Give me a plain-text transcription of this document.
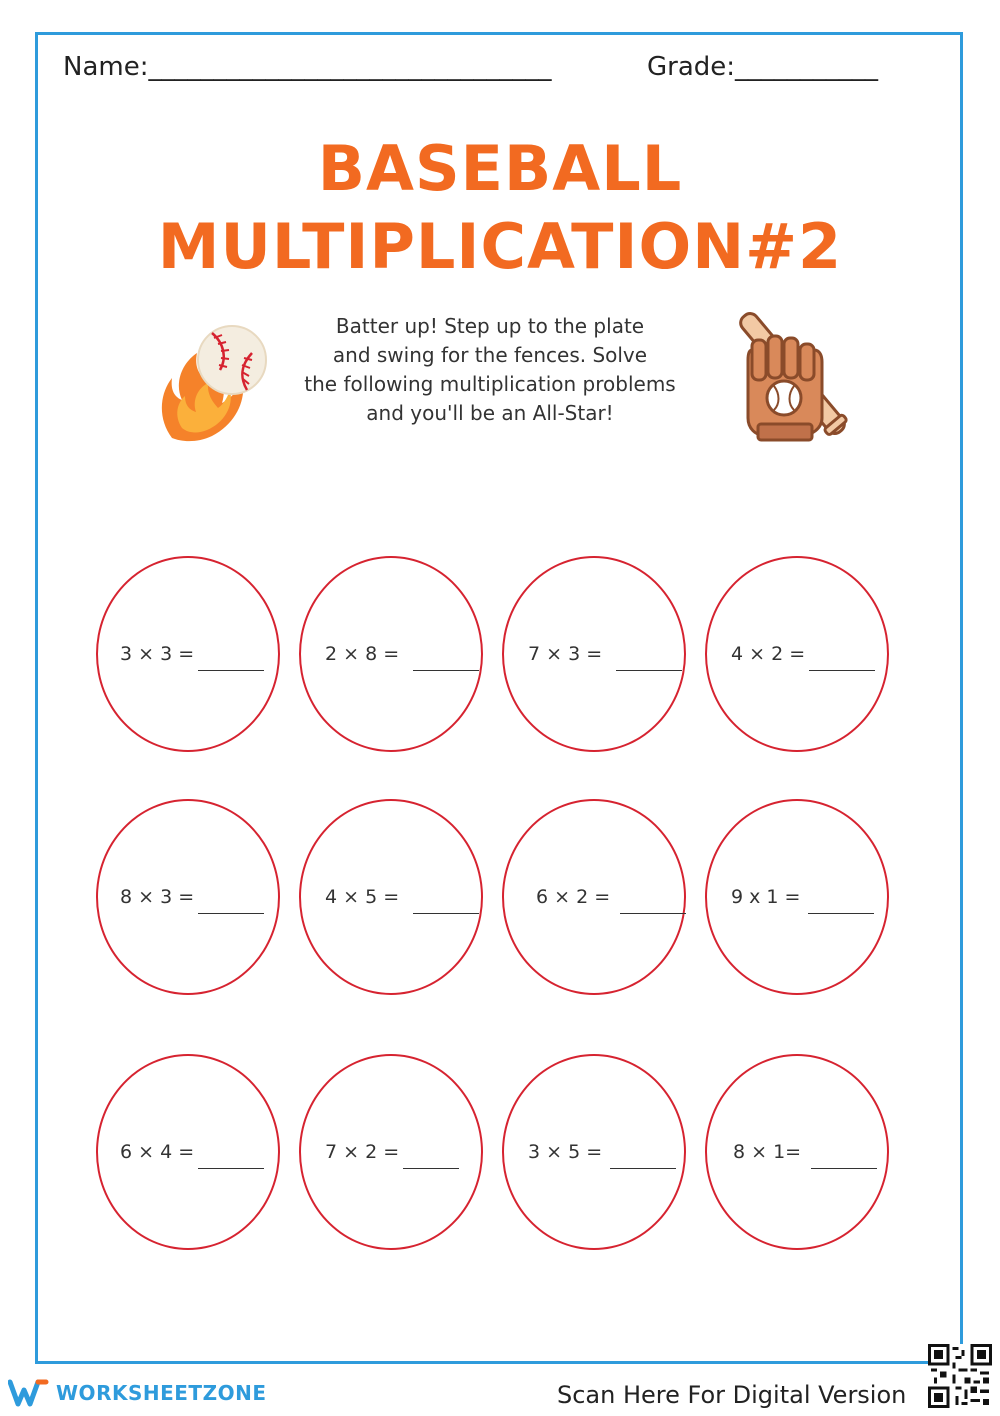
Name:_______________________________	Grade:___________
BASEBALL
MULTIPLICATION#2
Batter up! Step up to the plate
and swing for the fences. Solve
the following multiplication problems
and you'll be an All-Star!
3 × 3 =	2 × 8 =	7 × 3 =	4 × 2 =
8 × 3 =	4 × 5 =	6 × 2 =	9 x 1 =
6 × 4 =	7 × 2 =	3 × 5 =	8 × 1=
WORKSHEETZONE	Scan Here For Digital Version
